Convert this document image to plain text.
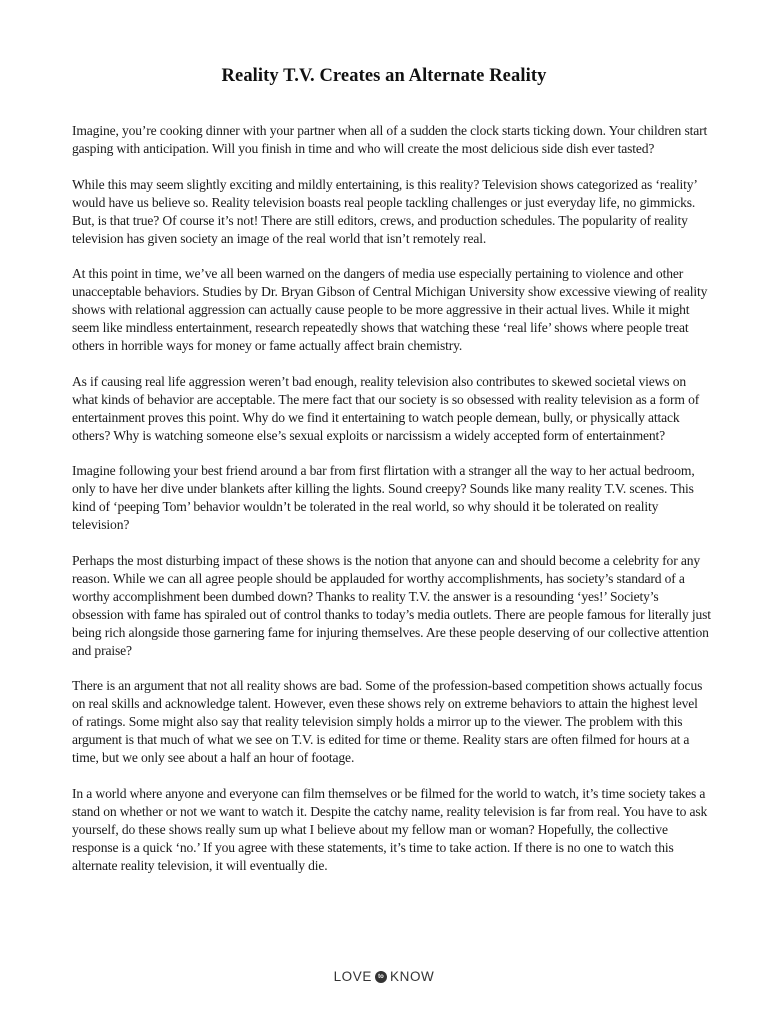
Reality T.V. Creates an Alternate Reality

Imagine, you’re cooking dinner with your partner when all of a sudden the clock starts ticking down. Your children start gasping with anticipation. Will you finish in time and who will create the most delicious side dish ever tasted?

While this may seem slightly exciting and mildly entertaining, is this reality? Television shows categorized as ‘reality’ would have us believe so. Reality television boasts real people tackling challenges or just everyday life, no gimmicks. But, is that true? Of course it’s not! There are still editors, crews, and production schedules. The popularity of reality television has given society an image of the real world that isn’t remotely real.

At this point in time, we’ve all been warned on the dangers of media use especially pertaining to violence and other unacceptable behaviors. Studies by Dr. Bryan Gibson of Central Michigan University show excessive viewing of reality shows with relational aggression can actually cause people to be more aggressive in their actual lives. While it might seem like mindless entertainment, research repeatedly shows that watching these ‘real life’ shows where people treat others in horrible ways for money or fame actually affect brain chemistry.

As if causing real life aggression weren’t bad enough, reality television also contributes to skewed societal views on what kinds of behavior are acceptable. The mere fact that our society is so obsessed with reality television as a form of entertainment proves this point. Why do we find it entertaining to watch people demean, bully, or physically attack others? Why is watching someone else’s sexual exploits or narcissism a widely accepted form of entertainment?

Imagine following your best friend around a bar from first flirtation with a stranger all the way to her actual bedroom, only to have her dive under blankets after killing the lights. Sound creepy? Sounds like many reality T.V. scenes. This kind of ‘peeping Tom’ behavior wouldn’t be tolerated in the real world, so why should it be tolerated on reality television?

Perhaps the most disturbing impact of these shows is the notion that anyone can and should become a celebrity for any reason. While we can all agree people should be applauded for worthy accomplishments, has society’s standard of a worthy accomplishment been dumbed down? Thanks to reality T.V. the answer is a resounding ‘yes!’ Society’s obsession with fame has spiraled out of control thanks to today’s media outlets. There are people famous for literally just being rich alongside those garnering fame for injuring themselves. Are these people deserving of our collective attention and praise?

There is an argument that not all reality shows are bad. Some of the profession-based competition shows actually focus on real skills and acknowledge talent. However, even these shows rely on extreme behaviors to attain the highest level of ratings. Some might also say that reality television simply holds a mirror up to the viewer. The problem with this argument is that much of what we see on T.V. is edited for time or theme. Reality stars are often filmed for hours at a time, but we only see about a half an hour of footage.

In a world where anyone and everyone can film themselves or be filmed for the world to watch, it’s time society takes a stand on whether or not we want to watch it. Despite the catchy name, reality television is far from real. You have to ask yourself, do these shows really sum up what I believe about my fellow man or woman? Hopefully, the collective response is a quick ‘no.’ If you agree with these statements, it’s time to take action. If there is no one to watch this alternate reality television, it will eventually die.

LOVE	to KNOW
